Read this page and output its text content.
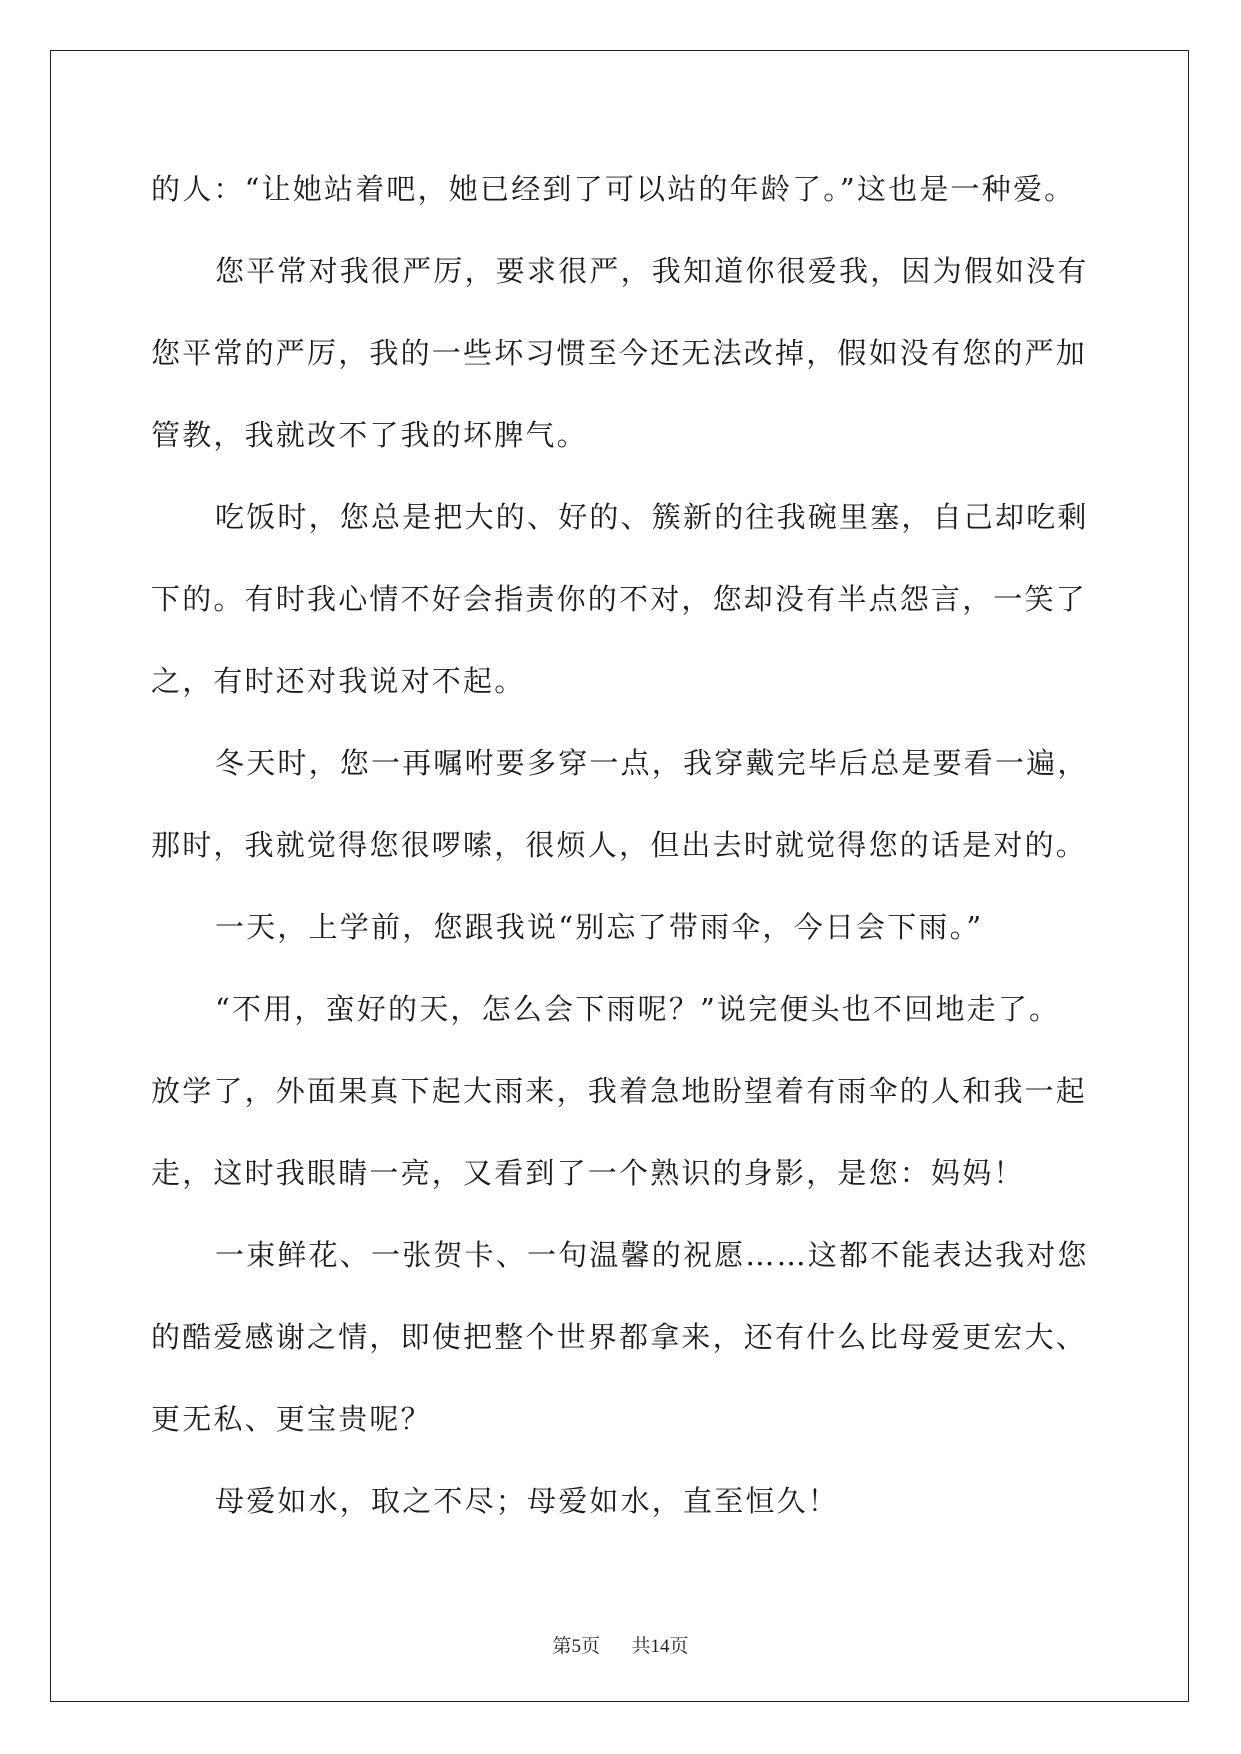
的人：“让她站着吧，她已经到了可以站的年龄了。”这也是一种爱。
您平常对我很严厉，要求很严，我知道你很爱我，因为假如没有
您平常的严厉，我的一些坏习惯至今还无法改掉，假如没有您的严加
管教，我就改不了我的坏脾气。
吃饭时，您总是把大的、好的、簇新的往我碗里塞，自己却吃剩
下的。有时我心情不好会指责你的不对，您却没有半点怨言，一笑了
之，有时还对我说对不起。
冬天时，您一再嘱咐要多穿一点，我穿戴完毕后总是要看一遍，
那时，我就觉得您很啰嗦，很烦人，但出去时就觉得您的话是对的。
一天，上学前，您跟我说“别忘了带雨伞，今日会下雨。”
“不用，蛮好的天，怎么会下雨呢？”说完便头也不回地走了。
放学了，外面果真下起大雨来，我着急地盼望着有雨伞的人和我一起
走，这时我眼睛一亮，又看到了一个熟识的身影，是您：妈妈！
一束鲜花、一张贺卡、一句温馨的祝愿……这都不能表达我对您
的酷爱感谢之情，即使把整个世界都拿来，还有什么比母爱更宏大、
更无私、更宝贵呢？
母爱如水，取之不尽；母爱如水，直至恒久！
第5页 共14页
